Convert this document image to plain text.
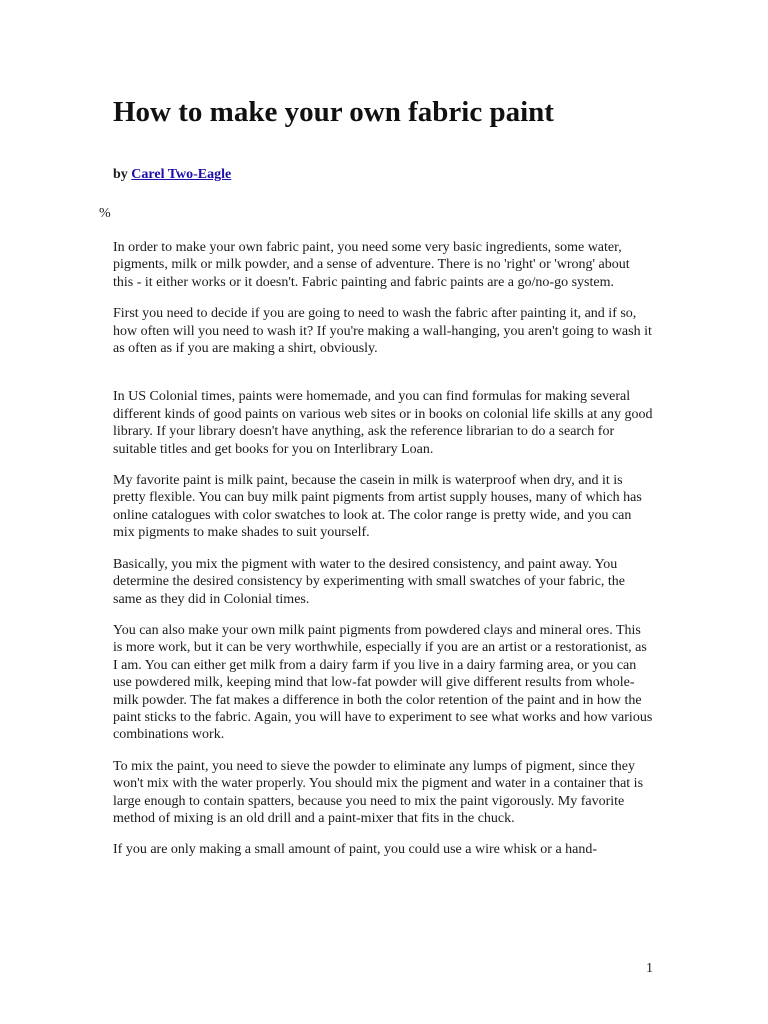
How to make your own fabric paint
by Carel Two-Eagle
%

In order to make your own fabric paint, you need some very basic ingredients, some water, pigments, milk or milk powder, and a sense of adventure. There is no 'right' or 'wrong' about this - it either works or it doesn't. Fabric painting and fabric paints are a go/no-go system.

First you need to decide if you are going to need to wash the fabric after painting it, and if so, how often will you need to wash it? If you're making a wall-hanging, you aren't going to wash it as often as if you are making a shirt, obviously.

In US Colonial times, paints were homemade, and you can find formulas for making several different kinds of good paints on various web sites or in books on colonial life skills at any good library. If your library doesn't have anything, ask the reference librarian to do a search for suitable titles and get books for you on Interlibrary Loan.

My favorite paint is milk paint, because the casein in milk is waterproof when dry, and it is pretty flexible. You can buy milk paint pigments from artist supply houses, many of which has online catalogues with color swatches to look at. The color range is pretty wide, and you can mix pigments to make shades to suit yourself.

Basically, you mix the pigment with water to the desired consistency, and paint away. You determine the desired consistency by experimenting with small swatches of your fabric, the same as they did in Colonial times.

You can also make your own milk paint pigments from powdered clays and mineral ores. This is more work, but it can be very worthwhile, especially if you are an artist or a restorationist, as I am. You can either get milk from a dairy farm if you live in a dairy farming area, or you can use powdered milk, keeping mind that low-fat powder will give different results from whole-milk powder. The fat makes a difference in both the color retention of the paint and in how the paint sticks to the fabric. Again, you will have to experiment to see what works and how various combinations work.

To mix the paint, you need to sieve the powder to eliminate any lumps of pigment, since they won't mix with the water properly. You should mix the pigment and water in a container that is large enough to contain spatters, because you need to mix the paint vigorously. My favorite method of mixing is an old drill and a paint-mixer that fits in the chuck.

If you are only making a small amount of paint, you could use a wire whisk or a hand-

1
